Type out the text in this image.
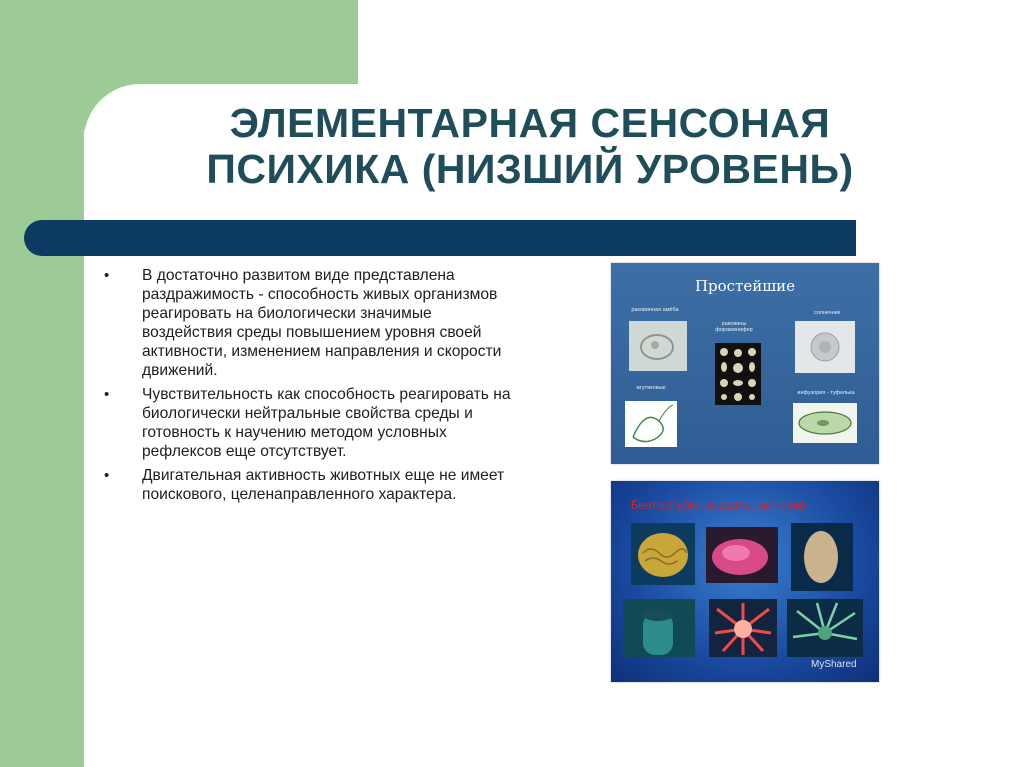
ЭЛЕМЕНТАРНАЯ СЕНСОНАЯ
ПСИХИКА (НИЗШИЙ УРОВЕНЬ)
• В достаточно развитом виде представлена раздражимость - способность живых организмов реагировать на биологически значимые воздействия среды повышением уровня своей активности, изменением направления и скорости движений.
• Чувствительность как способность реагировать на биологически нейтральные свойства среды и готовность к научению методом условных рефлексов еще отсутствует.
• Двигательная активность животных еще не имеет поискового, целенаправленного характера.
Простейшие
раковинная амёба
раковины фораминифер
солнечник
жгутиковые
инфузория - туфелька
Бентос(губки, кораллы, актинии)
MyShared
